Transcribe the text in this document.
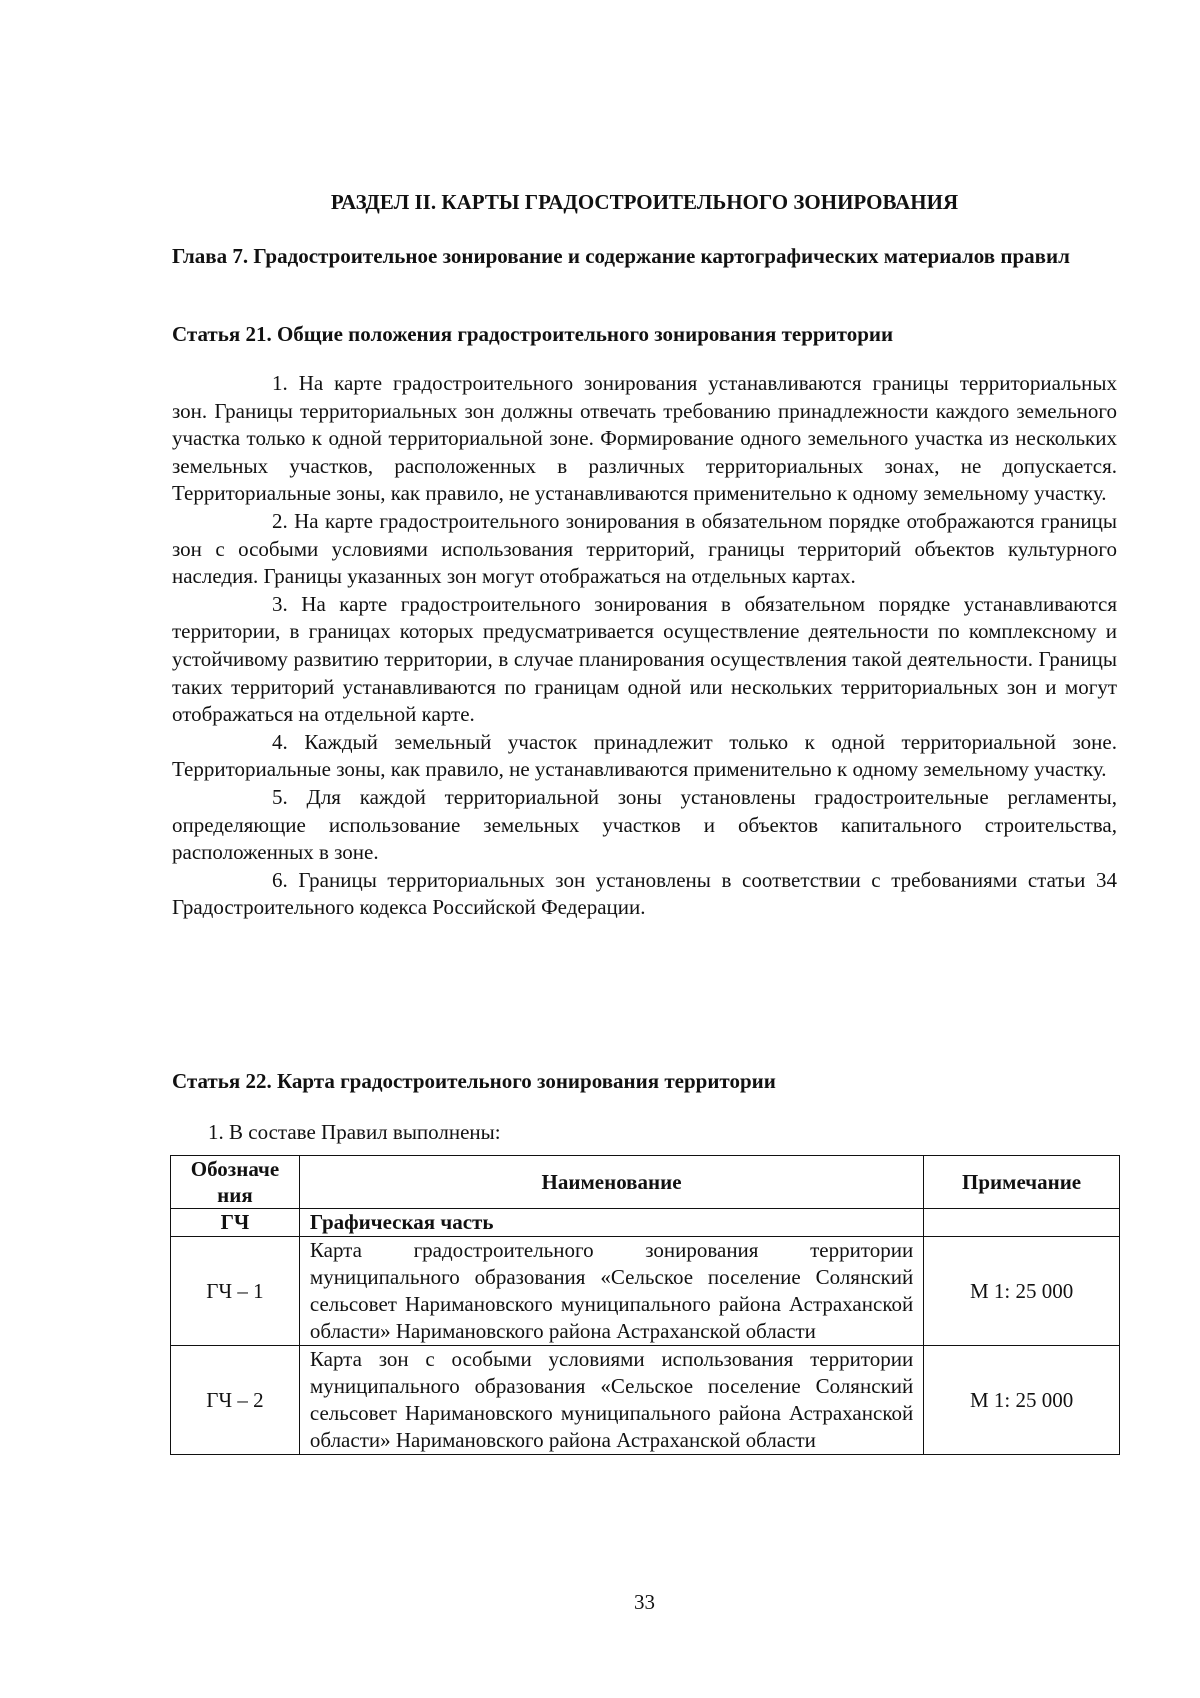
РАЗДЕЛ II. КАРТЫ ГРАДОСТРОИТЕЛЬНОГО ЗОНИРОВАНИЯ
Глава 7. Градостроительное зонирование и содержание картографических материалов правил
Статья 21. Общие положения градостроительного зонирования территории

1. На карте градостроительного зонирования устанавливаются границы территориальных зон. Границы территориальных зон должны отвечать требованию принадлежности каждого земельного участка только к одной территориальной зоне. Формирование одного земельного участка из нескольких земельных участков, расположенных в различных территориальных зонах, не допускается. Территориальные зоны, как правило, не устанавливаются применительно к одному земельному участку.

2. На карте градостроительного зонирования в обязательном порядке отображаются границы зон с особыми условиями использования территорий, границы территорий объектов культурного наследия. Границы указанных зон могут отображаться на отдельных картах.

3. На карте градостроительного зонирования в обязательном порядке устанавливаются территории, в границах которых предусматривается осуществление деятельности по комплексному и устойчивому развитию территории, в случае планирования осуществления такой деятельности. Границы таких территорий устанавливаются по границам одной или нескольких территориальных зон и могут отображаться на отдельной карте.

4. Каждый земельный участок принадлежит только к одной территориальной зоне. Территориальные зоны, как правило, не устанавливаются применительно к одному земельному участку.

5. Для каждой территориальной зоны установлены градостроительные регламенты, определяющие использование земельных участков и объектов капитального строительства, расположенных в зоне.

6. Границы территориальных зон установлены в соответствии с требованиями статьи 34 Градостроительного кодекса Российской Федерации.

Статья 22. Карта градостроительного зонирования территории

1. В составе Правил выполнены:

Обозначе ния	Наименование	Примечание
ГЧ	Графическая часть	
ГЧ – 1	Карта градостроительного зонирования территории муниципального образования «Сельское поселение Солянский сельсовет Наримановского муниципального района Астраханской области» Наримановского района Астраханской области	М 1: 25 000
ГЧ – 2	Карта зон с особыми условиями использования территории муниципального образования «Сельское поселение Солянский сельсовет Наримановского муниципального района Астраханской области» Наримановского района Астраханской области	М 1: 25 000

33
